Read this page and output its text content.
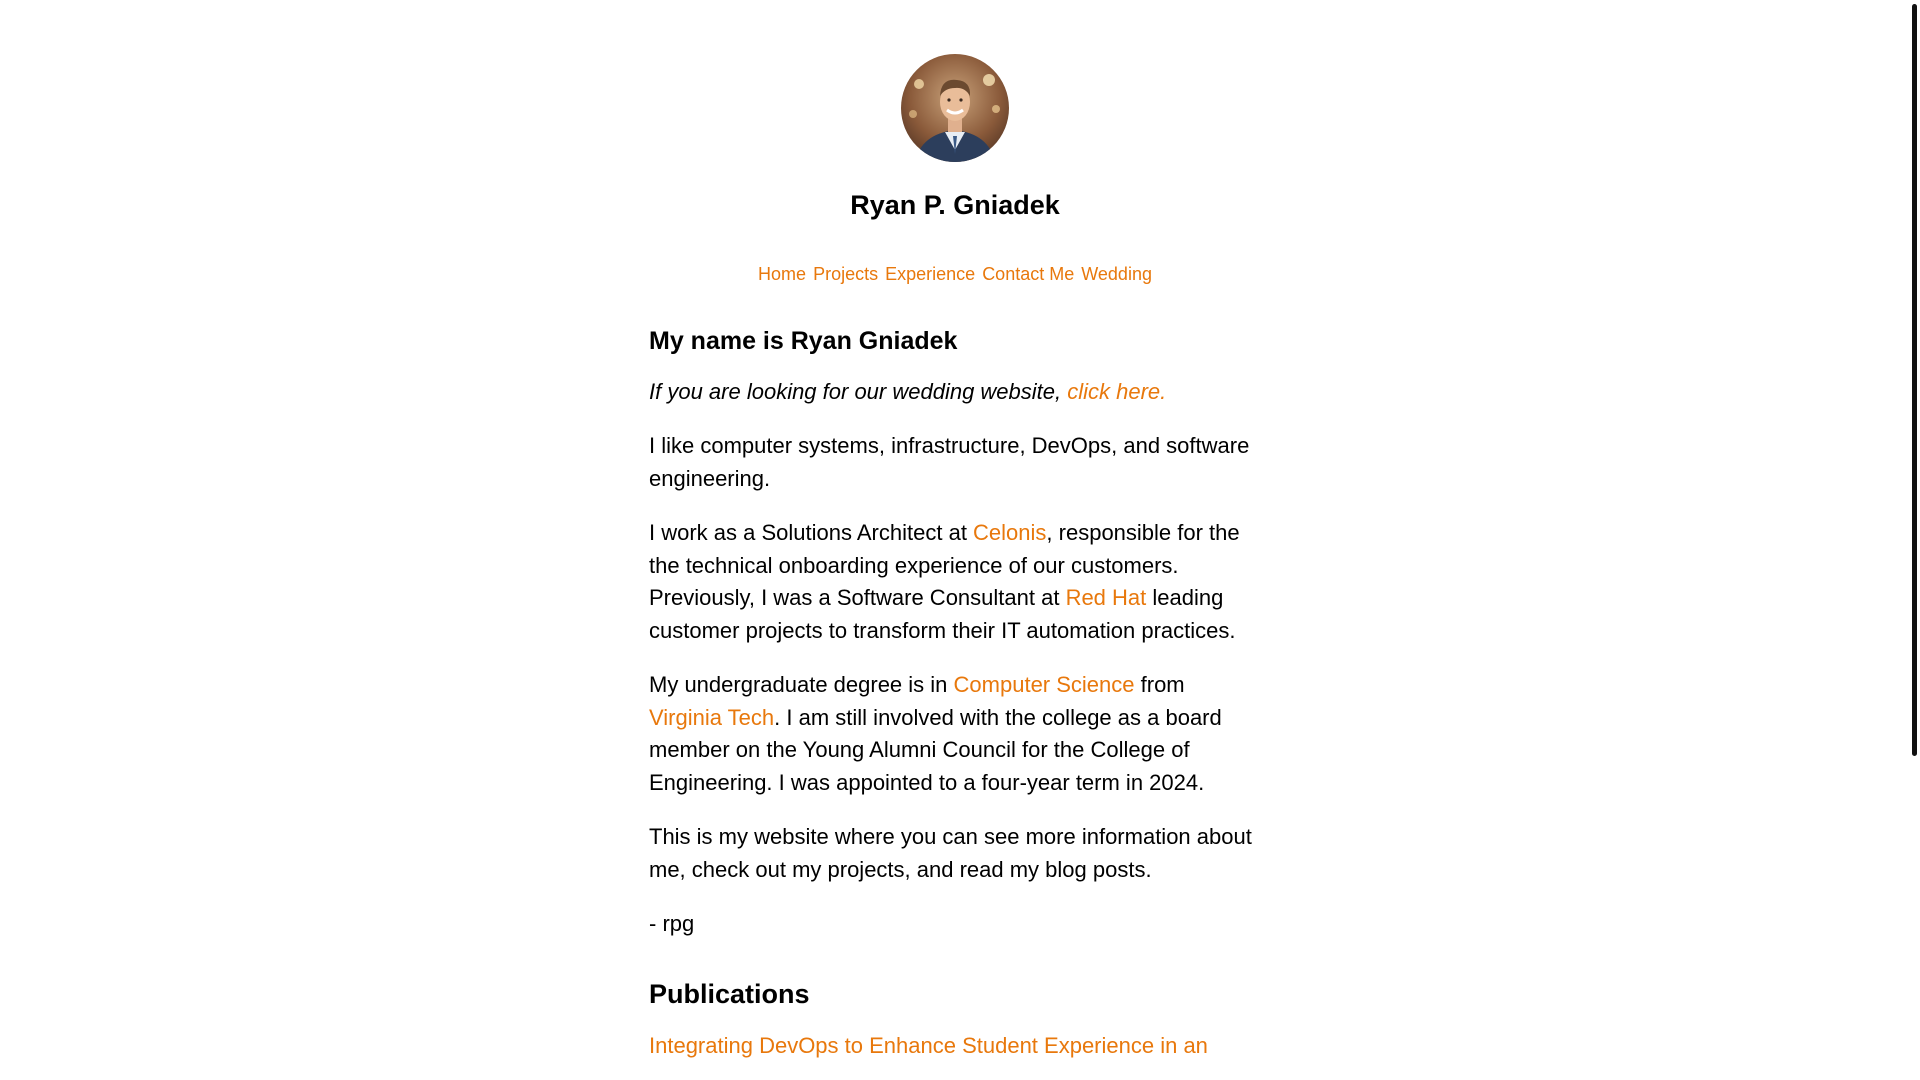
Ryan P. Gniadek
Home Projects Experience Contact Me Wedding
My name is Ryan Gniadek

If you are looking for our wedding website, click here.

I like computer systems, infrastructure, DevOps, and software engineering.

I work as a Solutions Architect at Celonis, responsible for the the technical onboarding experience of our customers. Previously, I was a Software Consultant at Red Hat leading customer projects to transform their IT automation practices.

My undergraduate degree is in Computer Science from Virginia Tech. I am still involved with the college as a board member on the Young Alumni Council for the College of Engineering. I was appointed to a four-year term in 2024.

This is my website where you can see more information about me, check out my projects, and read my blog posts.

- rpg

Publications
Integrating DevOps to Enhance Student Experience in an
